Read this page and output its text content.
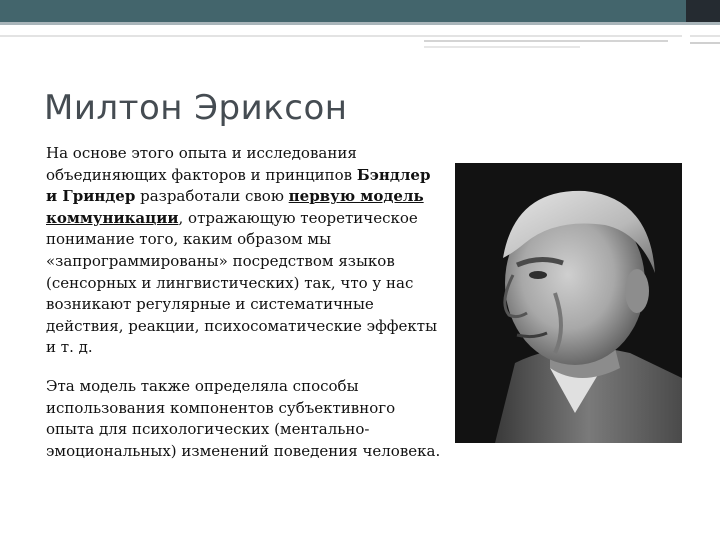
Милтон Эриксон

На основе этого опыта и исследования объединяющих факторов и принципов Бэндлер и Гриндер разработали свою первую модель коммуникации, отражающую теоретическое понимание того, каким образом мы «запрограммированы» посредством языков (сенсорных и лингвистических) так, что у нас возникают регулярные и систематичные действия, реакции, психосоматические эффекты и т. д.

Эта модель также определяла способы использования компонентов субъективного опыта для психологических (ментально-эмоциональных) изменений поведения человека.
